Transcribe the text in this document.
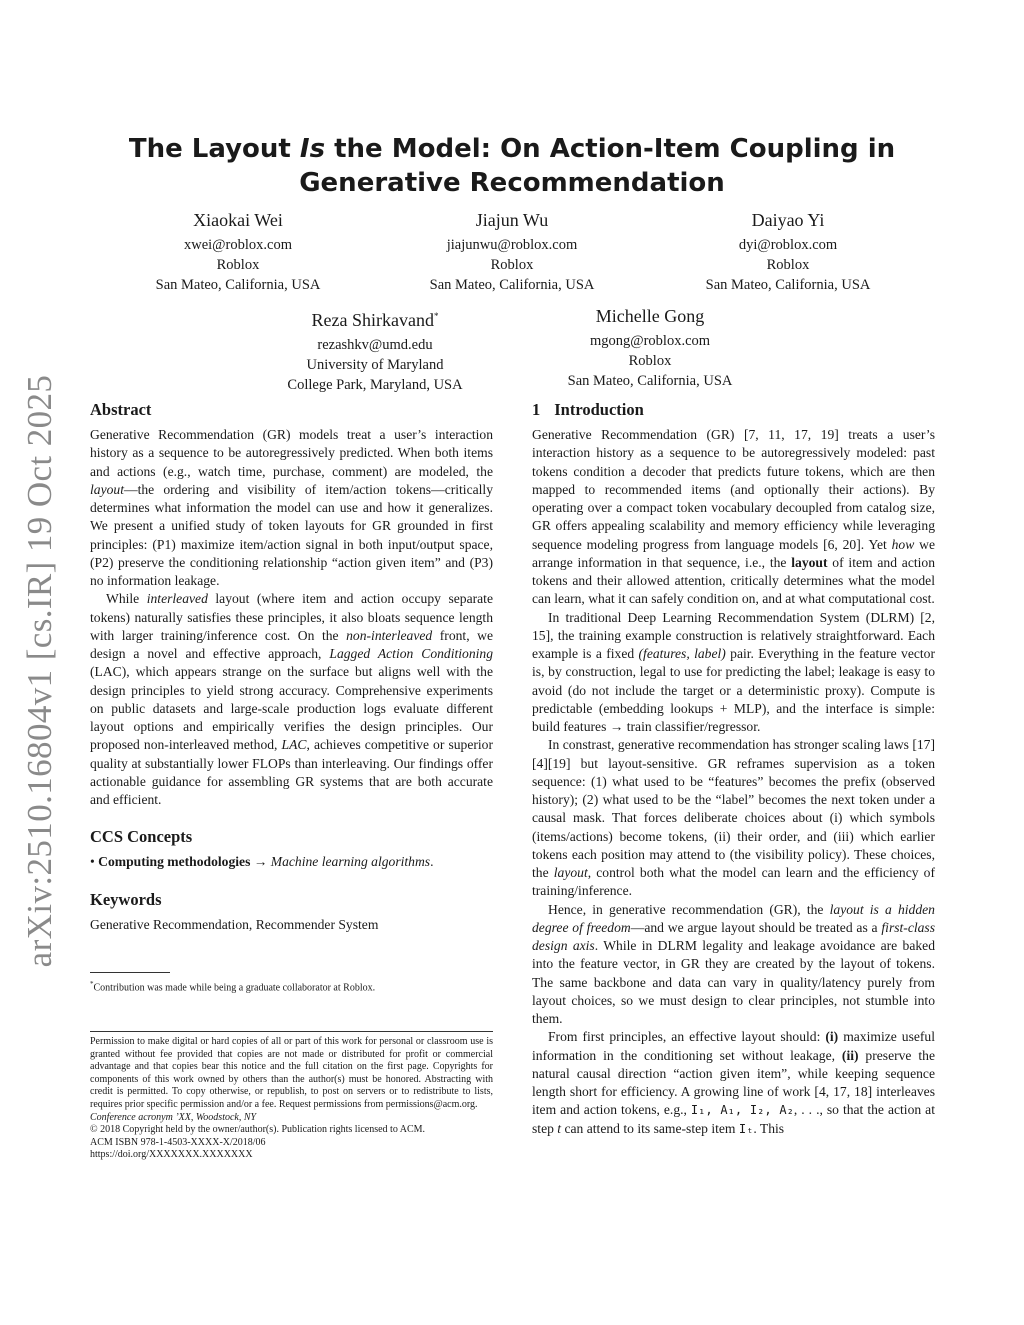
arXiv:2510.16804v1 [cs.IR] 19 Oct 2025
The Layout Is the Model: On Action-Item Coupling in Generative Recommendation
Xiaokai Wei
xwei@roblox.com
Roblox
San Mateo, California, USA
Jiajun Wu
jiajunwu@roblox.com
Roblox
San Mateo, California, USA
Daiyao Yi
dyi@roblox.com
Roblox
San Mateo, California, USA
Reza Shirkavand*
rezashkv@umd.edu
University of Maryland
College Park, Maryland, USA
Michelle Gong
mgong@roblox.com
Roblox
San Mateo, California, USA
Abstract

Generative Recommendation (GR) models treat a user’s interaction history as a sequence to be autoregressively predicted. When both items and actions (e.g., watch time, purchase, comment) are modeled, the layout—the ordering and visibility of item/action tokens—critically determines what information the model can use and how it generalizes. We present a unified study of token layouts for GR grounded in first principles: (P1) maximize item/action signal in both input/output space, (P2) preserve the conditioning relationship “action given item” and (P3) no information leakage.

While interleaved layout (where item and action occupy separate tokens) naturally satisfies these principles, it also bloats sequence length with larger training/inference cost. On the non-interleaved front, we design a novel and effective approach, Lagged Action Conditioning (LAC), which appears strange on the surface but aligns well with the design principles to yield strong accuracy. Comprehensive experiments on public datasets and large-scale production logs evaluate different layout options and empirically verifies the design principles. Our proposed non-interleaved method, LAC, achieves competitive or superior quality at substantially lower FLOPs than interleaving. Our findings offer actionable guidance for assembling GR systems that are both accurate and efficient.

CCS Concepts

• Computing methodologies → Machine learning algorithms.

Keywords

Generative Recommendation, Recommender System

*Contribution was made while being a graduate collaborator at Roblox.

Permission to make digital or hard copies of all or part of this work for personal or classroom use is granted without fee provided that copies are not made or distributed for profit or commercial advantage and that copies bear this notice and the full citation on the first page. Copyrights for components of this work owned by others than the author(s) must be honored. Abstracting with credit is permitted. To copy otherwise, or republish, to post on servers or to redistribute to lists, requires prior specific permission and/or a fee. Request permissions from permissions@acm.org.

Conference acronym ’XX, Woodstock, NY

© 2018 Copyright held by the owner/author(s). Publication rights licensed to ACM.

ACM ISBN 978-1-4503-XXXX-X/2018/06

https://doi.org/XXXXXXX.XXXXXXX

1 Introduction

Generative Recommendation (GR) [7, 11, 17, 19] treats a user’s interaction history as a sequence to be autoregressively modeled: past tokens condition a decoder that predicts future tokens, which are then mapped to recommended items (and optionally their actions). By operating over a compact token vocabulary decoupled from catalog size, GR offers appealing scalability and memory efficiency while leveraging sequence modeling progress from language models [6, 20]. Yet how we arrange information in that sequence, i.e., the layout of item and action tokens and their allowed attention, critically determines what the model can learn, what it can safely condition on, and at what computational cost.

In traditional Deep Learning Recommendation System (DLRM) [2, 15], the training example construction is relatively straightforward. Each example is a fixed (features, label) pair. Everything in the feature vector is, by construction, legal to use for predicting the label; leakage is easy to avoid (do not include the target or a deterministic proxy). Compute is predictable (embedding lookups + MLP), and the interface is simple: build features → train classifier/regressor.

In constrast, generative recommendation has stronger scaling laws [17][4][19] but layout-sensitive. GR reframes supervision as a token sequence: (1) what used to be “features” becomes the prefix (observed history); (2) what used to be the “label” becomes the next token under a causal mask. That forces deliberate choices about (i) which symbols (items/actions) become tokens, (ii) their order, and (iii) which earlier tokens each position may attend to (the visibility policy). These choices, the layout, control both what the model can learn and the efficiency of training/inference.

Hence, in generative recommendation (GR), the layout is a hidden degree of freedom—and we argue layout should be treated as a first-class design axis. While in DLRM legality and leakage avoidance are baked into the feature vector, in GR they are created by the layout of tokens. The same backbone and data can vary in quality/latency purely from layout choices, so we must design to clear principles, not stumble into them.

From first principles, an effective layout should: (i) maximize useful information in the conditioning set without leakage, (ii) preserve the natural causal direction “action given item”, while keeping sequence length short for efficiency. A growing line of work [4, 17, 18] interleaves item and action tokens, e.g., I₁, A₁, I₂, A₂, . . ., so that the action at step t can attend to its same-step item Iₜ. This
